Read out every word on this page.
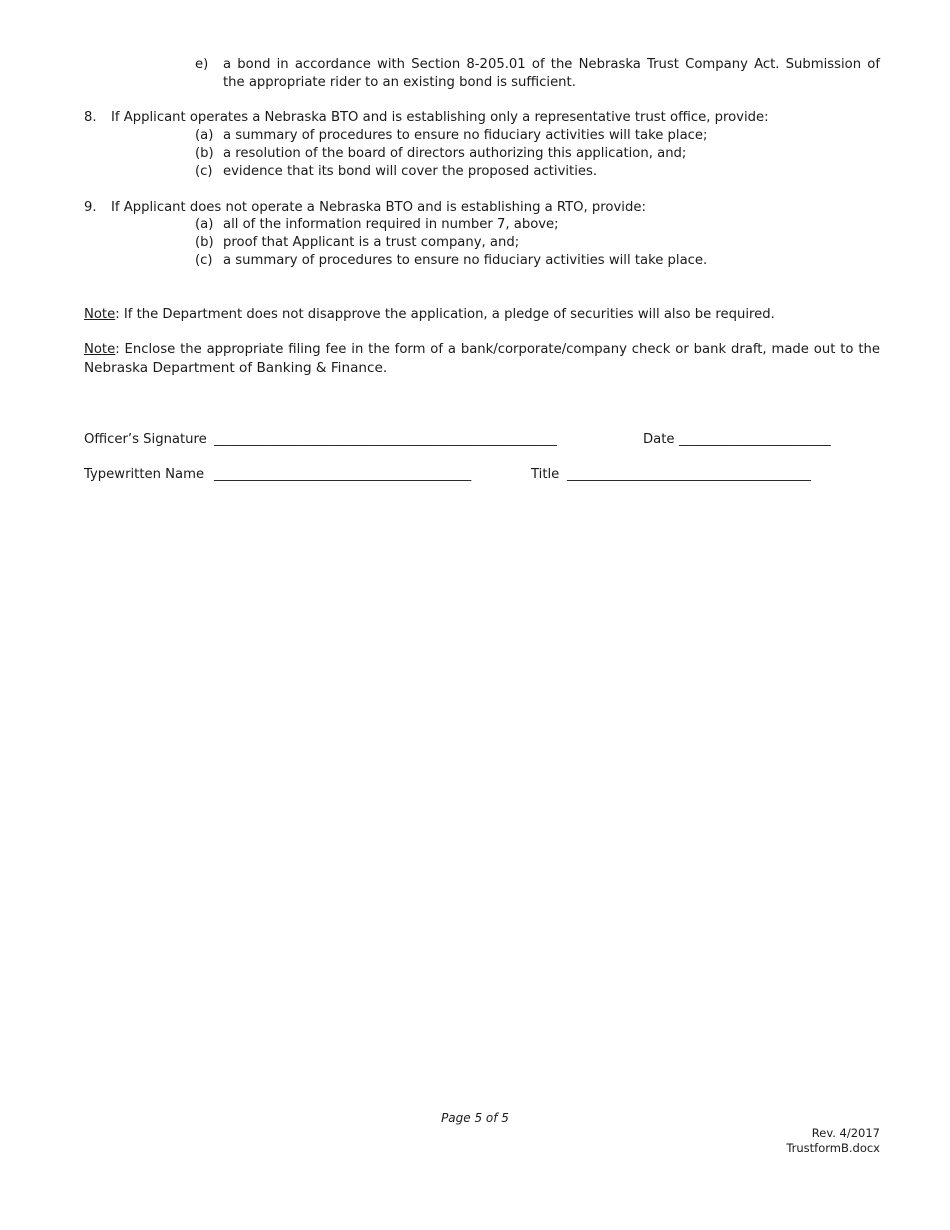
e) a bond in accordance with Section 8-205.01 of the Nebraska Trust Company Act. Submission of
the appropriate rider to an existing bond is sufficient.
8. If Applicant operates a Nebraska BTO and is establishing only a representative trust office, provide:
(a) a summary of procedures to ensure no fiduciary activities will take place;
(b) a resolution of the board of directors authorizing this application, and;
(c) evidence that its bond will cover the proposed activities.
9. If Applicant does not operate a Nebraska BTO and is establishing a RTO, provide:
(a) all of the information required in number 7, above;
(b) proof that Applicant is a trust company, and;
(c) a summary of procedures to ensure no fiduciary activities will take place.
Note: If the Department does not disapprove the application, a pledge of securities will also be required.
Note: Enclose the appropriate filing fee in the form of a bank/corporate/company check or bank draft, made out to the
Nebraska Department of Banking & Finance.
Officer’s Signature ____________________________________________________	Date _______________________
Typewritten Name _______________________________________	Title _____________________________________
Page 5 of 5
Rev. 4/2017
TrustformB.docx
